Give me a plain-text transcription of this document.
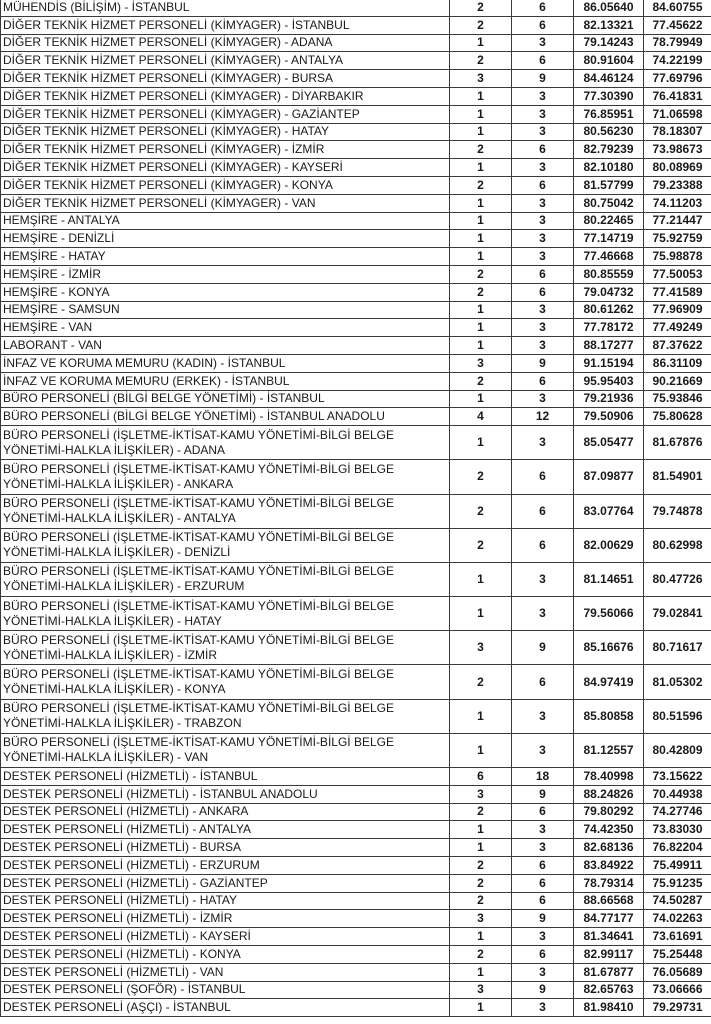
MÜHENDİS (BİLİŞİM) - İSTANBUL	2	6	86.05640	84.60755
DİĞER TEKNİK HİZMET PERSONELİ (KİMYAGER) - İSTANBUL	2	6	82.13321	77.45622
DİĞER TEKNİK HİZMET PERSONELİ (KİMYAGER) - ADANA	1	3	79.14243	78.79949
DİĞER TEKNİK HİZMET PERSONELİ (KİMYAGER) - ANTALYA	2	6	80.91604	74.22199
DİĞER TEKNİK HİZMET PERSONELİ (KİMYAGER) - BURSA	3	9	84.46124	77.69796
DİĞER TEKNİK HİZMET PERSONELİ (KİMYAGER) - DİYARBAKIR	1	3	77.30390	76.41831
DİĞER TEKNİK HİZMET PERSONELİ (KİMYAGER) - GAZİANTEP	1	3	76.85951	71.06598
DİĞER TEKNİK HİZMET PERSONELİ (KİMYAGER) - HATAY	1	3	80.56230	78.18307
DİĞER TEKNİK HİZMET PERSONELİ (KİMYAGER) - İZMİR	2	6	82.79239	73.98673
DİĞER TEKNİK HİZMET PERSONELİ (KİMYAGER) - KAYSERİ	1	3	82.10180	80.08969
DİĞER TEKNİK HİZMET PERSONELİ (KİMYAGER) - KONYA	2	6	81.57799	79.23388
DİĞER TEKNİK HİZMET PERSONELİ (KİMYAGER) - VAN	1	3	80.75042	74.11203
HEMŞİRE - ANTALYA	1	3	80.22465	77.21447
HEMŞİRE - DENİZLİ	1	3	77.14719	75.92759
HEMŞİRE - HATAY	1	3	77.46668	75.98878
HEMŞİRE - İZMİR	2	6	80.85559	77.50053
HEMŞİRE - KONYA	2	6	79.04732	77.41589
HEMŞİRE - SAMSUN	1	3	80.61262	77.96909
HEMŞİRE - VAN	1	3	77.78172	77.49249
LABORANT - VAN	1	3	88.17277	87.37622
İNFAZ VE KORUMA MEMURU (KADIN) - İSTANBUL	3	9	91.15194	86.31109
İNFAZ VE KORUMA MEMURU (ERKEK) - İSTANBUL	2	6	95.95403	90.21669
BÜRO PERSONELİ (BİLGİ BELGE YÖNETİMİ) - İSTANBUL	1	3	79.21936	75.93846
BÜRO PERSONELİ (BİLGİ BELGE YÖNETİMİ) - İSTANBUL ANADOLU	4	12	79.50906	75.80628
BÜRO PERSONELİ (İŞLETME-İKTİSAT-KAMU YÖNETİMİ-BİLGİ BELGE YÖNETİMİ-HALKLA İLİŞKİLER) - ADANA	1	3	85.05477	81.67876
BÜRO PERSONELİ (İŞLETME-İKTİSAT-KAMU YÖNETİMİ-BİLGİ BELGE YÖNETİMİ-HALKLA İLİŞKİLER) - ANKARA	2	6	87.09877	81.54901
BÜRO PERSONELİ (İŞLETME-İKTİSAT-KAMU YÖNETİMİ-BİLGİ BELGE YÖNETİMİ-HALKLA İLİŞKİLER) - ANTALYA	2	6	83.07764	79.74878
BÜRO PERSONELİ (İŞLETME-İKTİSAT-KAMU YÖNETİMİ-BİLGİ BELGE YÖNETİMİ-HALKLA İLİŞKİLER) - DENİZLİ	2	6	82.00629	80.62998
BÜRO PERSONELİ (İŞLETME-İKTİSAT-KAMU YÖNETİMİ-BİLGİ BELGE YÖNETİMİ-HALKLA İLİŞKİLER) - ERZURUM	1	3	81.14651	80.47726
BÜRO PERSONELİ (İŞLETME-İKTİSAT-KAMU YÖNETİMİ-BİLGİ BELGE YÖNETİMİ-HALKLA İLİŞKİLER) - HATAY	1	3	79.56066	79.02841
BÜRO PERSONELİ (İŞLETME-İKTİSAT-KAMU YÖNETİMİ-BİLGİ BELGE YÖNETİMİ-HALKLA İLİŞKİLER) - İZMİR	3	9	85.16676	80.71617
BÜRO PERSONELİ (İŞLETME-İKTİSAT-KAMU YÖNETİMİ-BİLGİ BELGE YÖNETİMİ-HALKLA İLİŞKİLER) - KONYA	2	6	84.97419	81.05302
BÜRO PERSONELİ (İŞLETME-İKTİSAT-KAMU YÖNETİMİ-BİLGİ BELGE YÖNETİMİ-HALKLA İLİŞKİLER) - TRABZON	1	3	85.80858	80.51596
BÜRO PERSONELİ (İŞLETME-İKTİSAT-KAMU YÖNETİMİ-BİLGİ BELGE YÖNETİMİ-HALKLA İLİŞKİLER) - VAN	1	3	81.12557	80.42809
DESTEK PERSONELİ (HİZMETLİ) - İSTANBUL	6	18	78.40998	73.15622
DESTEK PERSONELİ (HİZMETLİ) - İSTANBUL ANADOLU	3	9	88.24826	70.44938
DESTEK PERSONELİ (HİZMETLİ) - ANKARA	2	6	79.80292	74.27746
DESTEK PERSONELİ (HİZMETLİ) - ANTALYA	1	3	74.42350	73.83030
DESTEK PERSONELİ (HİZMETLİ) - BURSA	1	3	82.68136	76.82204
DESTEK PERSONELİ (HİZMETLİ) - ERZURUM	2	6	83.84922	75.49911
DESTEK PERSONELİ (HİZMETLİ) - GAZİANTEP	2	6	78.79314	75.91235
DESTEK PERSONELİ (HİZMETLİ) - HATAY	2	6	88.66568	74.50287
DESTEK PERSONELİ (HİZMETLİ) - İZMİR	3	9	84.77177	74.02263
DESTEK PERSONELİ (HİZMETLİ) - KAYSERİ	1	3	81.34641	73.61691
DESTEK PERSONELİ (HİZMETLİ) - KONYA	2	6	82.99117	75.25448
DESTEK PERSONELİ (HİZMETLİ) - VAN	1	3	81.67877	76.05689
DESTEK PERSONELİ (ŞOFÖR) - İSTANBUL	3	9	82.65763	73.06666
DESTEK PERSONELİ (AŞÇI) - İSTANBUL	1	3	81.98410	79.29731
